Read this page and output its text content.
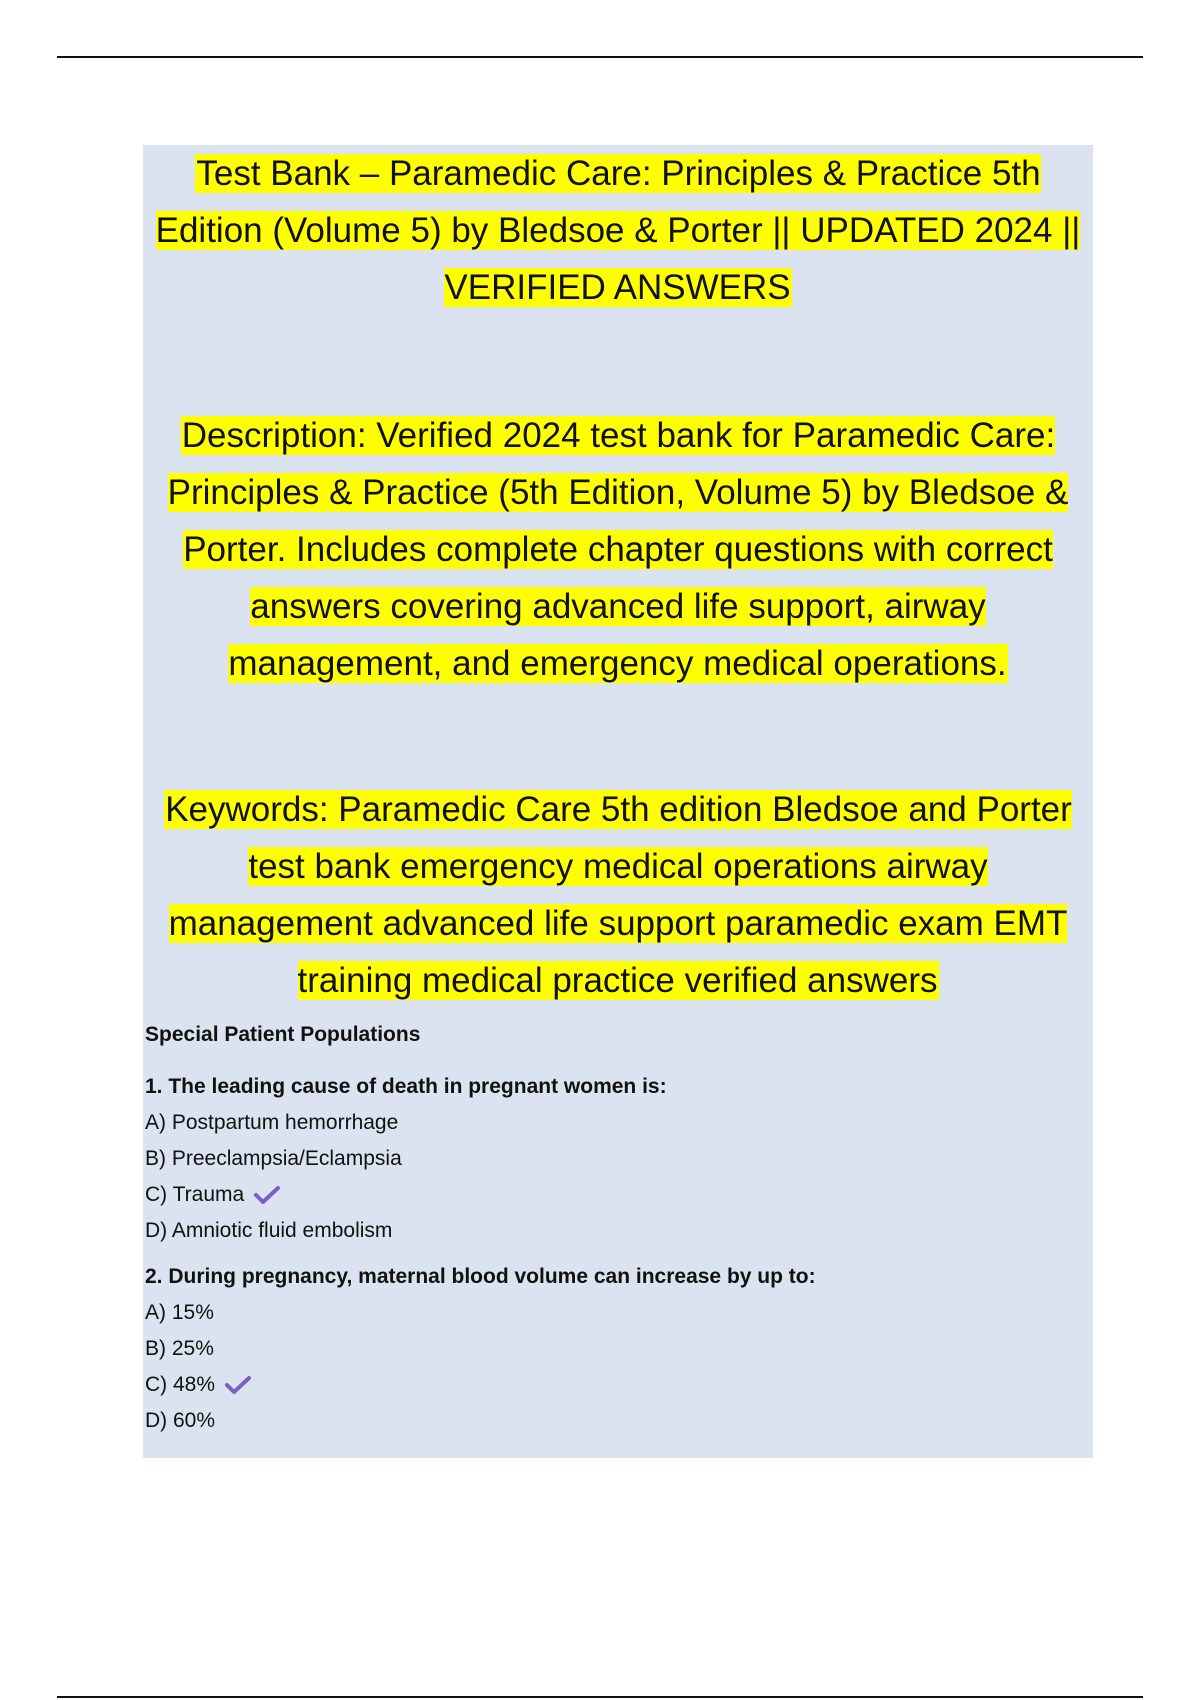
Test Bank – Paramedic Care: Principles & Practice 5th Edition (Volume 5) by Bledsoe & Porter || UPDATED 2024 || VERIFIED ANSWERS
Description: Verified 2024 test bank for Paramedic Care: Principles & Practice (5th Edition, Volume 5) by Bledsoe & Porter. Includes complete chapter questions with correct answers covering advanced life support, airway management, and emergency medical operations.
Keywords: Paramedic Care 5th edition Bledsoe and Porter test bank emergency medical operations airway management advanced life support paramedic exam EMT training medical practice verified answers
Special Patient Populations
1. The leading cause of death in pregnant women is:
A) Postpartum hemorrhage
B) Preeclampsia/Eclampsia
C) Trauma
D) Amniotic fluid embolism
2. During pregnancy, maternal blood volume can increase by up to:
A) 15%
B) 25%
C) 48%
D) 60%
